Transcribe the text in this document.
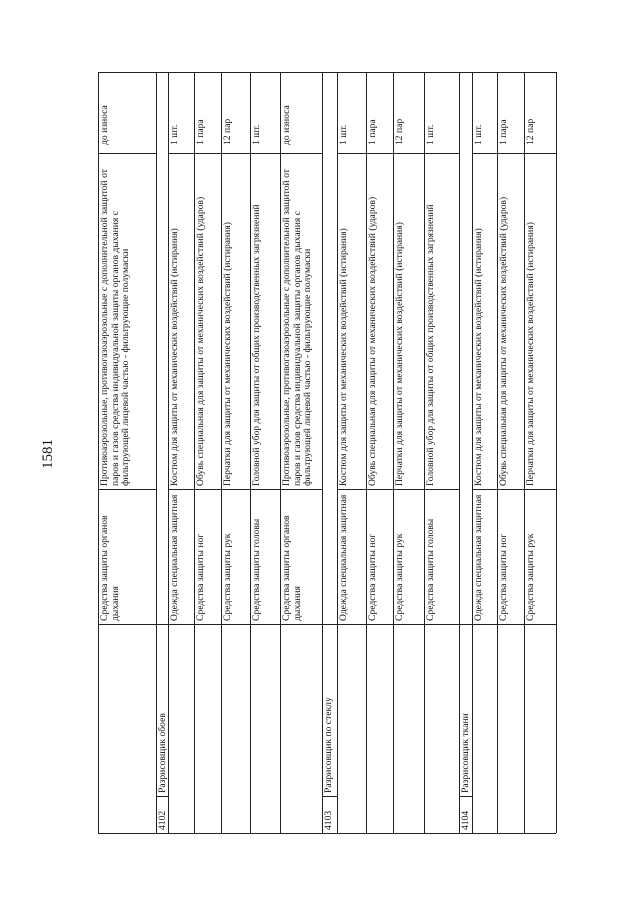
1581
Средства защиты органов дыхания
Противоаэрозольные, противогазоаэрозольные с дополнительной защитой от паров и газов средства индивидуальной защиты органов дыхания с фильтрующей лицевой частью - фильтрующие полумаски
до износа
4102
Разрисовщик обоев
Одежда специальная защитная
Костюм для защиты от механических воздействий (истирания)
1 шт.
Средства защиты ног
Обувь специальная для защиты от механических воздействий (ударов)
1 пара
Средства защиты рук
Перчатки для защиты от механических воздействий (истирания)
12 пар
Средства защиты головы
Головной убор для защиты от общих производственных загрязнений
1 шт.
Средства защиты органов дыхания
Противоаэрозольные, противогазоаэрозольные с дополнительной защитой от паров и газов средства индивидуальной защиты органов дыхания с фильтрующей лицевой частью - фильтрующие полумаски
до износа
4103
Разрисовщик по стеклу
Одежда специальная защитная
Костюм для защиты от механических воздействий (истирания)
1 шт.
Средства защиты ног
Обувь специальная для защиты от механических воздействий (ударов)
1 пара
Средства защиты рук
Перчатки для защиты от механических воздействий (истирания)
12 пар
Средства защиты головы
Головной убор для защиты от общих производственных загрязнений
1 шт.
4104
Разрисовщик ткани
Одежда специальная защитная
Костюм для защиты от механических воздействий (истирания)
1 шт.
Средства защиты ног
Обувь специальная для защиты от механических воздействий (ударов)
1 пара
Средства защиты рук
Перчатки для защиты от механических воздействий (истирания)
12 пар
